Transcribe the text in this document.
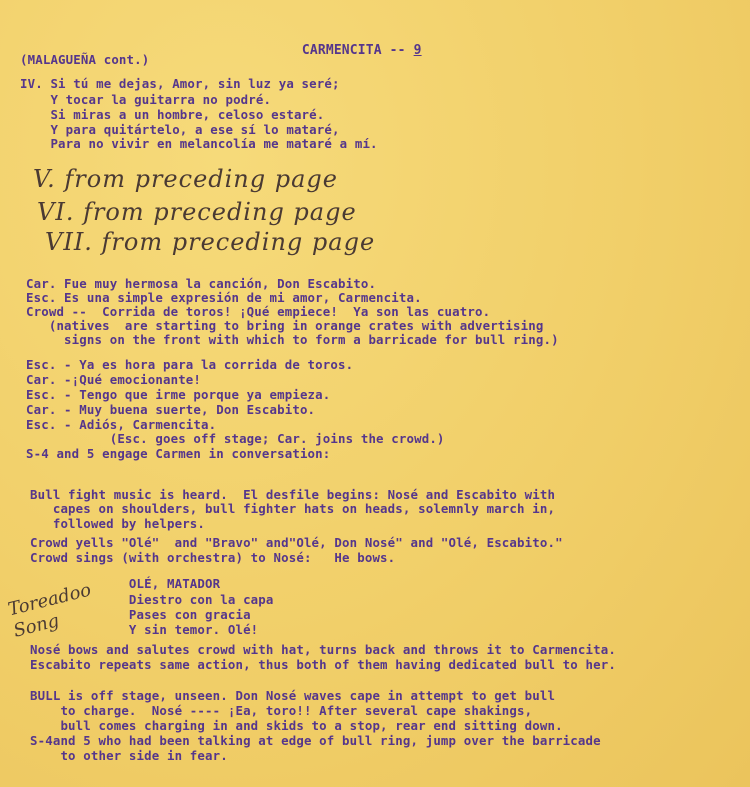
CARMENCITA -- 9

(MALAGUEÑA cont.)
IV. Si tú me dejas, Amor, sin luz ya seré;
Y tocar la guitarra no podré.
Si miras a un hombre, celoso estaré.
Y para quitártelo, a ese sí lo mataré,
Para no vivir en melancolía me mataré a mí.
V. from preceding page
VI. from preceding page
VII. from preceding page
Car. Fue muy hermosa la canción, Don Escabito.
Esc. Es una simple expresión de mi amor, Carmencita.
Crowd --  Corrida de toros! ¡Qué empiece!  Ya son las cuatro.
(natives  are starting to bring in orange crates with advertising
signs on the front with which to form a barricade for bull ring.)
Esc. - Ya es hora para la corrida de toros.
Car. -¡Qué emocionante!
Esc. - Tengo que irme porque ya empieza.
Car. - Muy buena suerte, Don Escabito.
Esc. - Adiós, Carmencita.
(Esc. goes off stage; Car. joins the crowd.)
S-4 and 5 engage Carmen in conversation:
Bull fight music is heard.  El desfile begins: Nosé and Escabito with
capes on shoulders, bull fighter hats on heads, solemnly march in,
followed by helpers.
Crowd yells "Olé"  and "Bravo" and"Olé, Don Nosé" and "Olé, Escabito."
Crowd sings (with orchestra) to Nosé:   He bows.
OLÉ, MATADOR
Diestro con la capa
Pases con gracia
Y sin temor. Olé!
Toreadoo Song
Nosé bows and salutes crowd with hat, turns back and throws it to Carmencita.
Escabito repeats same action, thus both of them having dedicated bull to her.
BULL is off stage, unseen. Don Nosé waves cape in attempt to get bull
to charge.  Nosé ---- ¡Ea, toro!! After several cape shakings,
bull comes charging in and skids to a stop, rear end sitting down.
S-4and 5 who had been talking at edge of bull ring, jump over the barricade
to other side in fear.
